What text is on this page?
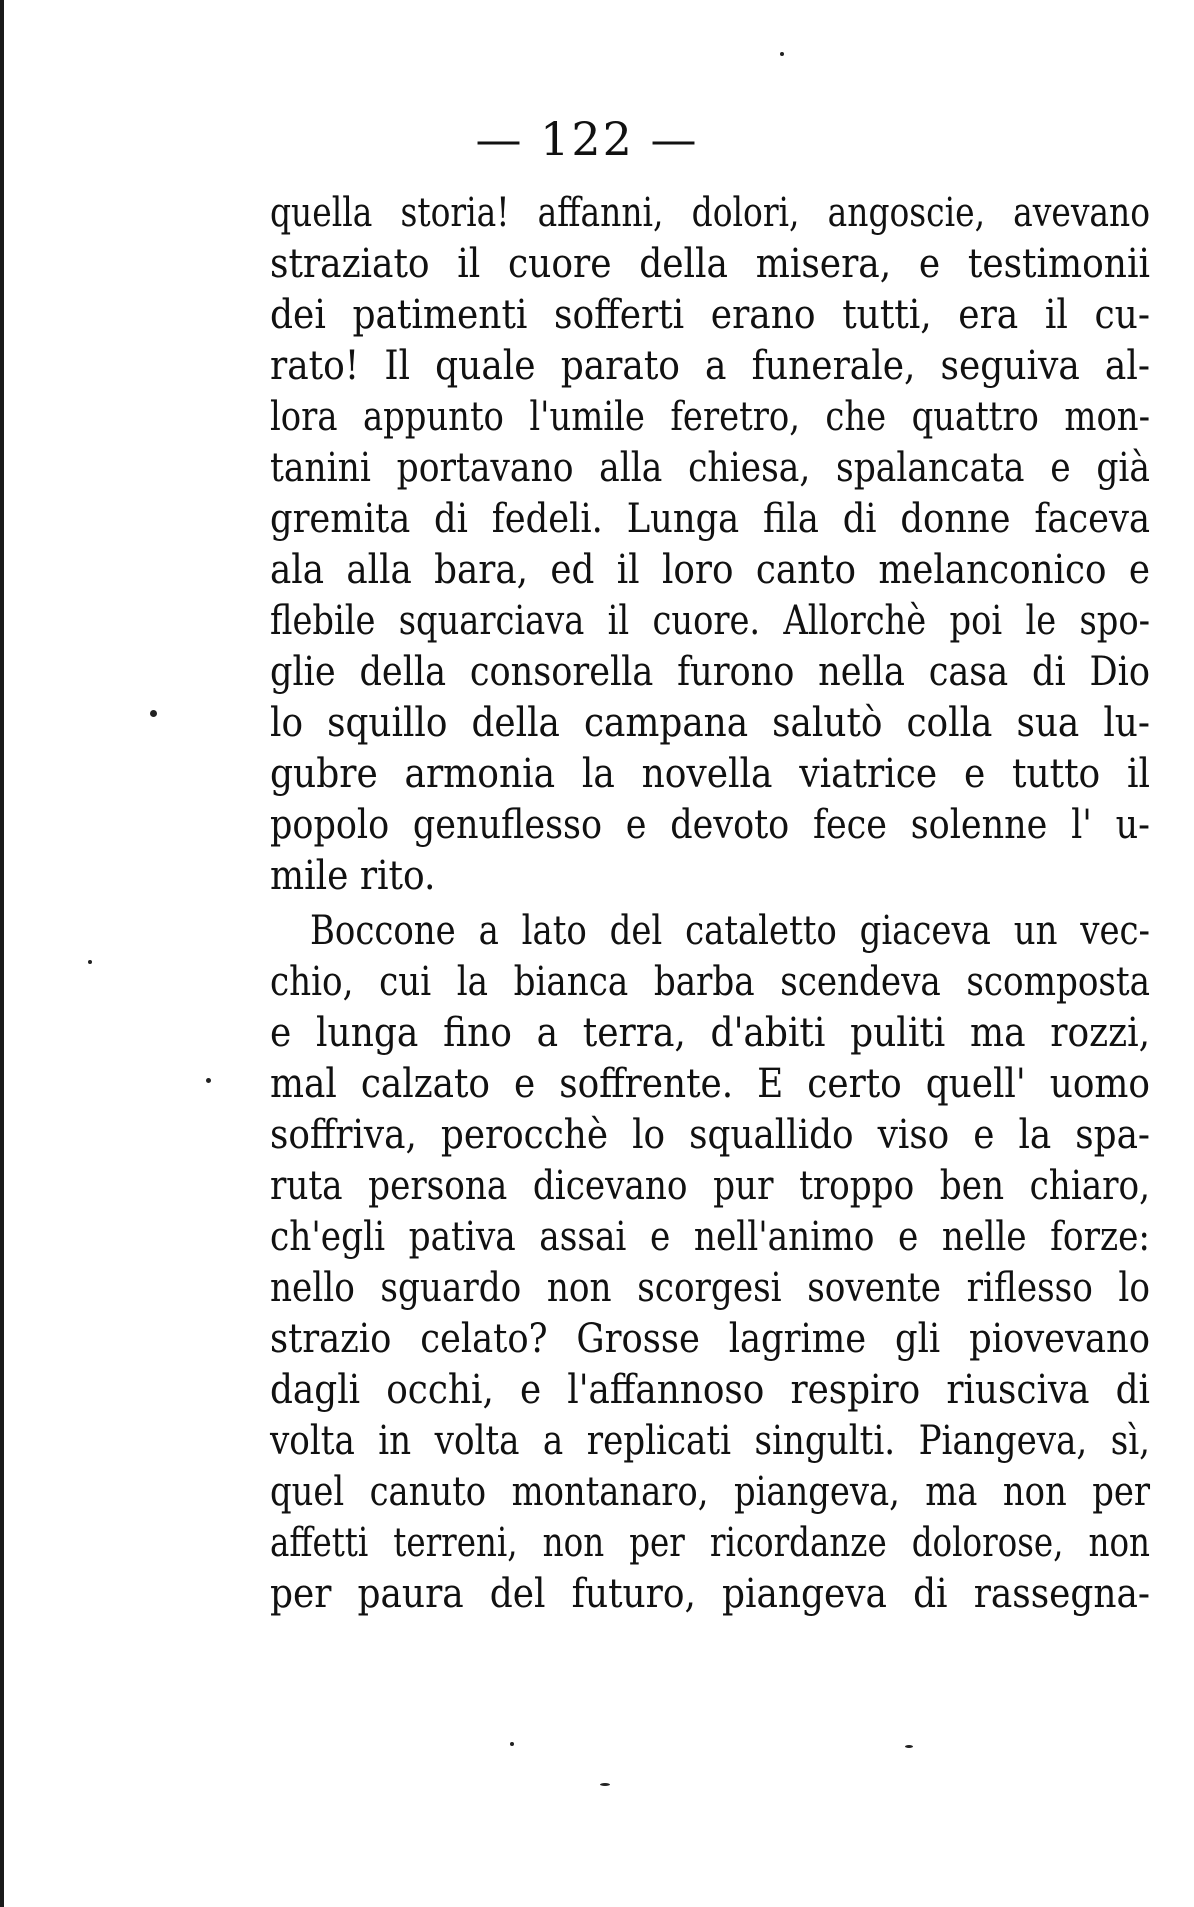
— 122 —
quella storia! affanni, dolori, angoscie, avevano
straziato il cuore della misera, e testimonii
dei patimenti sofferti erano tutti, era il cu-
rato! Il quale parato a funerale, seguiva al-
lora appunto l'umile feretro, che quattro mon-
tanini portavano alla chiesa, spalancata e già
gremita di fedeli. Lunga fila di donne faceva
ala alla bara, ed il loro canto melanconico e
flebile squarciava il cuore. Allorchè poi le spo-
glie della consorella furono nella casa di Dio
lo squillo della campana salutò colla sua lu-
gubre armonia la novella viatrice e tutto il
popolo genuflesso e devoto fece solenne l' u-
mile rito.
Boccone a lato del cataletto giaceva un vec-
chio, cui la bianca barba scendeva scomposta
e lunga fino a terra, d'abiti puliti ma rozzi,
mal calzato e soffrente. E certo quell' uomo
soffriva, perocchè lo squallido viso e la spa-
ruta persona dicevano pur troppo ben chiaro,
ch'egli pativa assai e nell'animo e nelle forze:
nello sguardo non scorgesi sovente riflesso lo
strazio celato? Grosse lagrime gli piovevano
dagli occhi, e l'affannoso respiro riusciva di
volta in volta a replicati singulti. Piangeva, sì,
quel canuto montanaro, piangeva, ma non per
affetti terreni, non per ricordanze dolorose, non
per paura del futuro, piangeva di rassegna-
